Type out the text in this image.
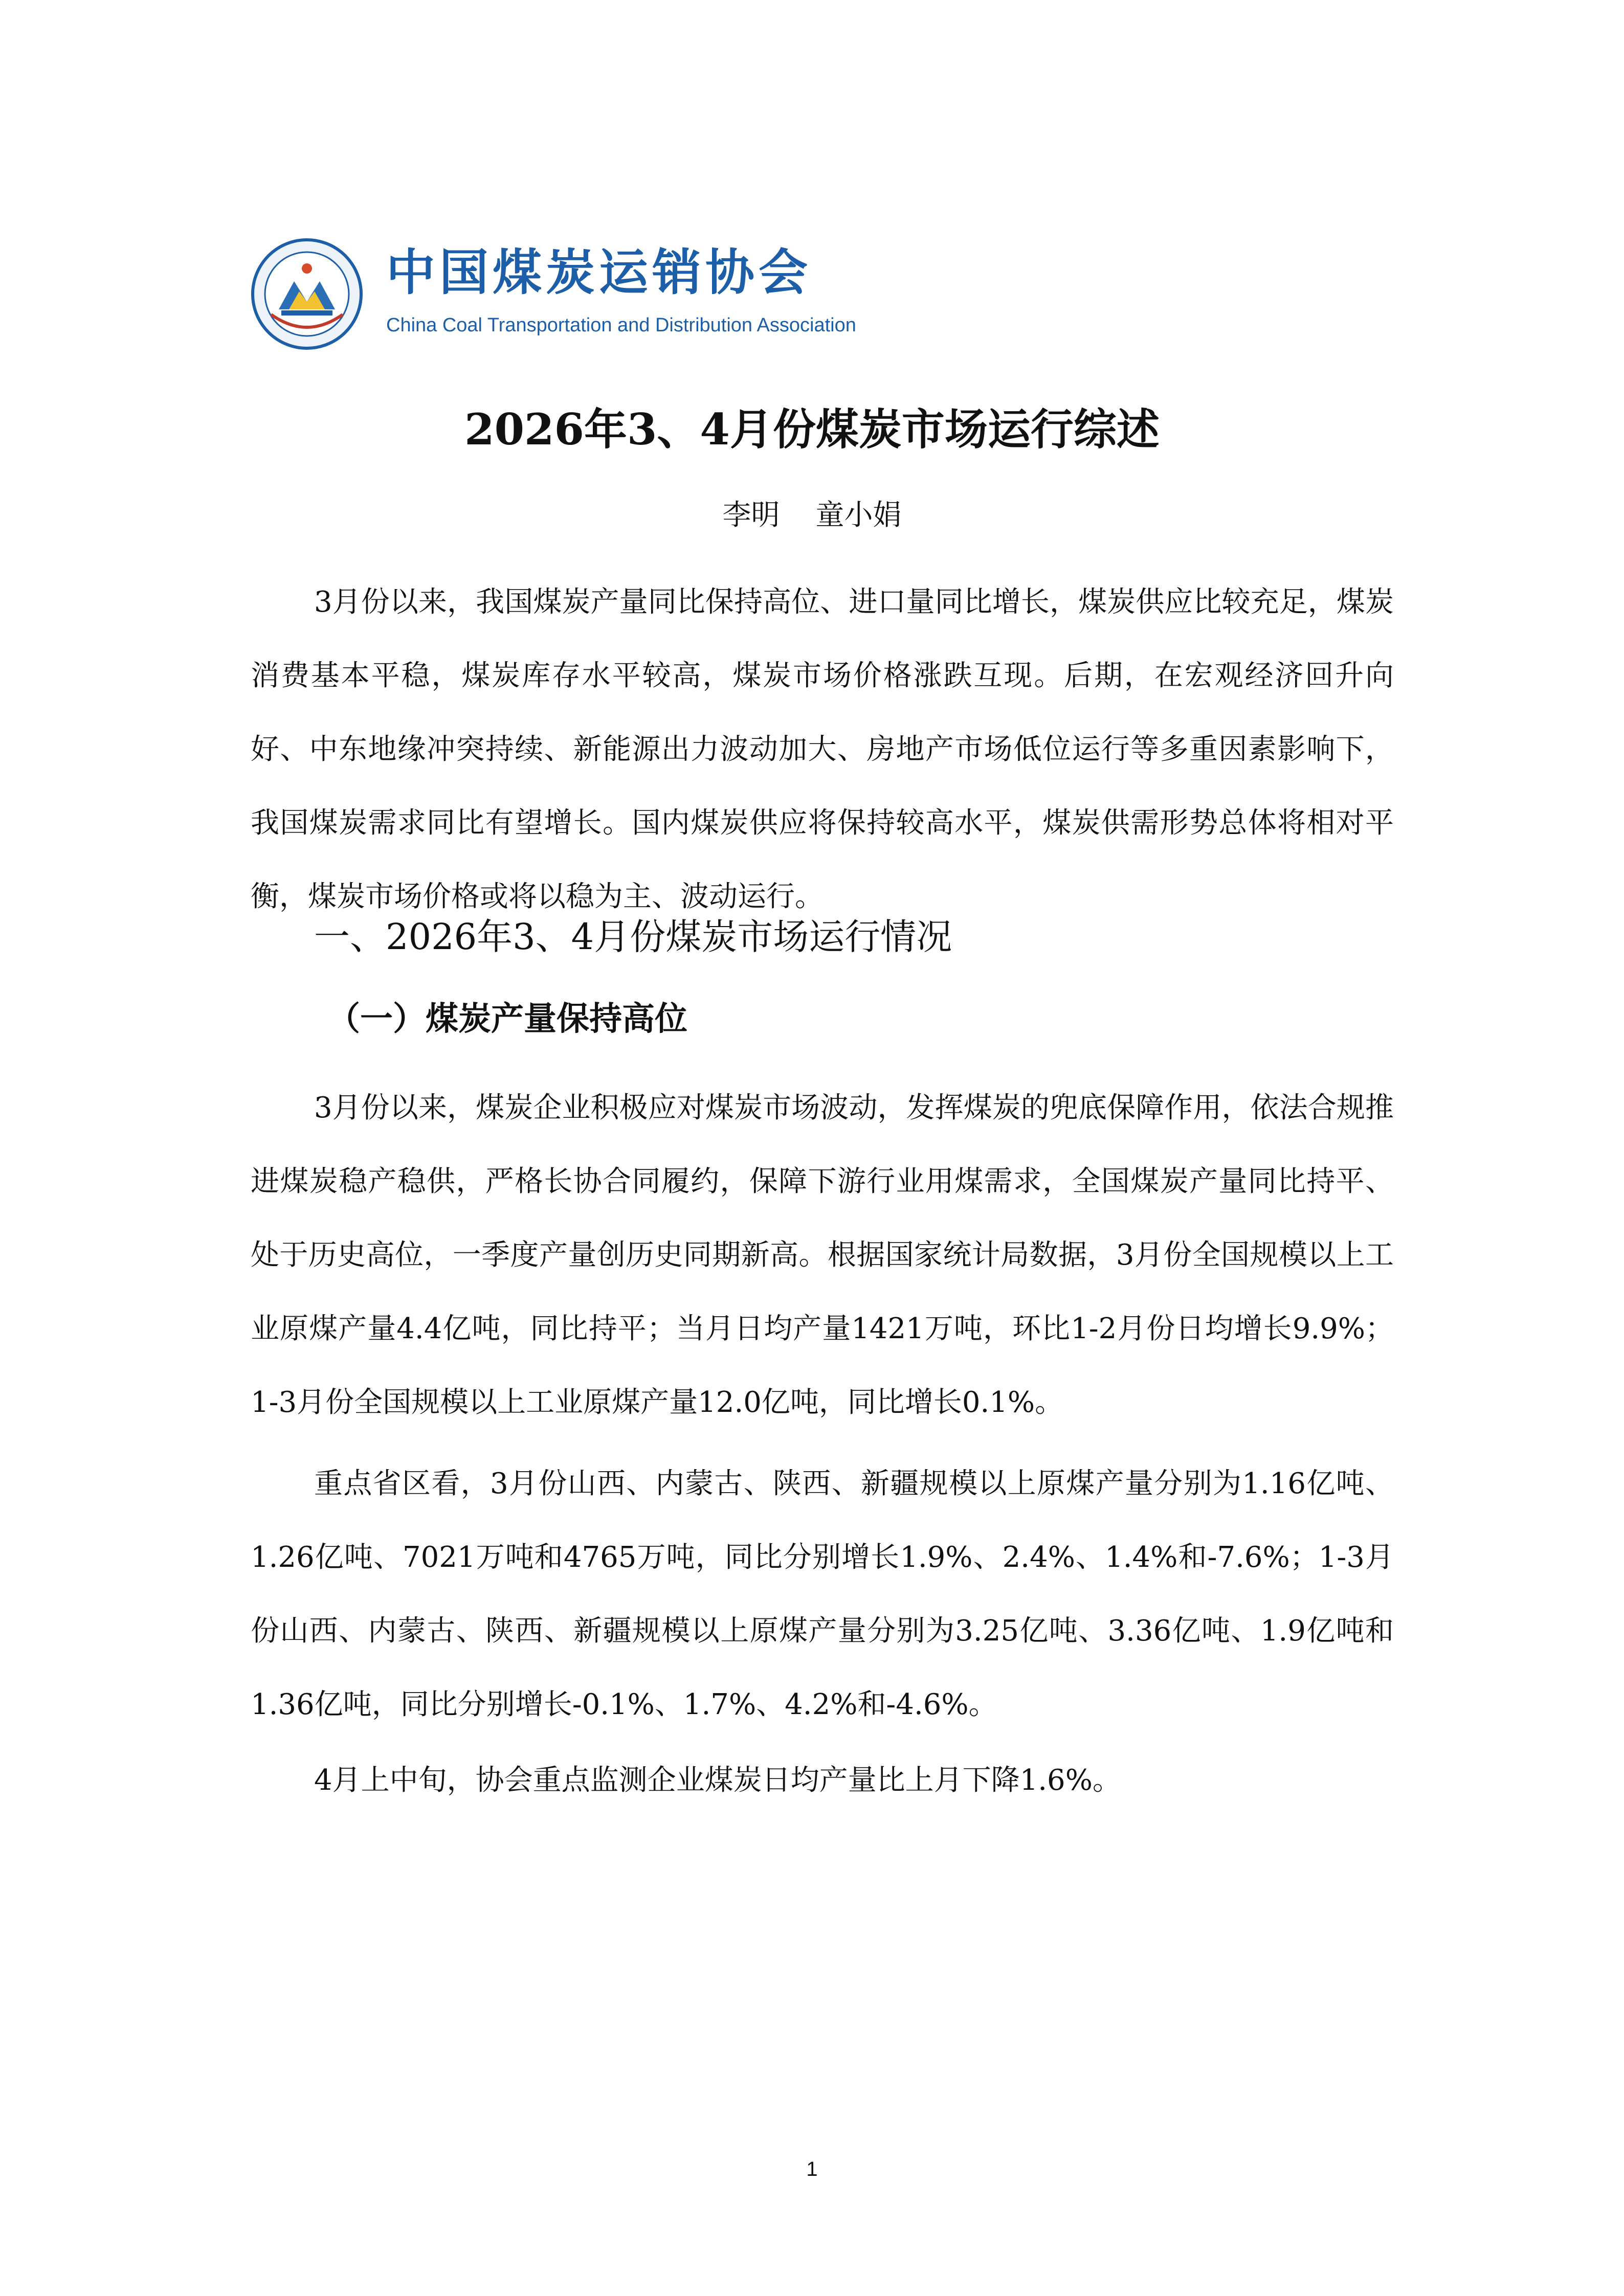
中国煤炭运销协会
China Coal Transportation and Distribution Association
2026年3、4月份煤炭市场运行综述
李明 童小娟

3月份以来，我国煤炭产量同比保持高位、进口量同比增长，煤炭供应比较充足，煤炭消费基本平稳，煤炭库存水平较高，煤炭市场价格涨跌互现。后期，在宏观经济回升向好、中东地缘冲突持续、新能源出力波动加大、房地产市场低位运行等多重因素影响下，我国煤炭需求同比有望增长。国内煤炭供应将保持较高水平，煤炭供需形势总体将相对平衡，煤炭市场价格或将以稳为主、波动运行。

一、2026年3、4月份煤炭市场运行情况
（一）煤炭产量保持高位

3月份以来，煤炭企业积极应对煤炭市场波动，发挥煤炭的兜底保障作用，依法合规推进煤炭稳产稳供，严格长协合同履约，保障下游行业用煤需求，全国煤炭产量同比持平、处于历史高位，一季度产量创历史同期新高。根据国家统计局数据，3月份全国规模以上工业原煤产量4.4亿吨，同比持平；当月日均产量1421万吨，环比1-2月份日均增长9.9%；1-3月份全国规模以上工业原煤产量12.0亿吨，同比增长0.1%。

重点省区看，3月份山西、内蒙古、陕西、新疆规模以上原煤产量分别为1.16亿吨、1.26亿吨、7021万吨和4765万吨，同比分别增长1.9%、2.4%、1.4%和-7.6%；1-3月份山西、内蒙古、陕西、新疆规模以上原煤产量分别为3.25亿吨、3.36亿吨、1.9亿吨和1.36亿吨，同比分别增长-0.1%、1.7%、4.2%和-4.6%。

4月上中旬，协会重点监测企业煤炭日均产量比上月下降1.6%。

1
